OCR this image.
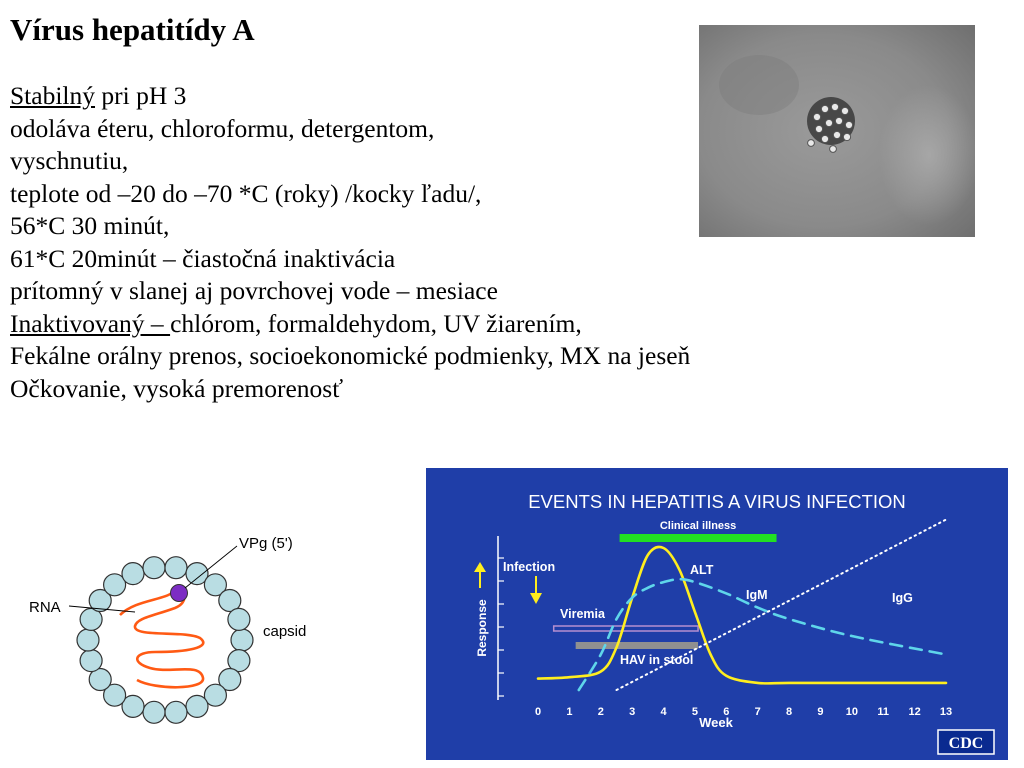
Vírus hepatitídy A
Stabilný pri pH 3
odoláva éteru, chloroformu, detergentom,
vyschnutiu,
teplote od –20 do –70 *C (roky) /kocky ľadu/,
56*C 30 minút,
61*C 20minút – čiastočná inaktivácia
prítomný v slanej aj povrchovej vode – mesiace
Inaktivovaný – chlórom, formaldehydom, UV žiarením,
Fekálne orálny prenos, socioekonomické podmienky, MX na jeseň
Očkovanie, vysoká premorenosť
VPg (5')
RNA
capsid
EVENTS IN HEPATITIS A VIRUS INFECTION
0 1 2 3 4 5 6 7 8 9 10 11 12 13
Week
Response
Infection
Clinical illness
Viremia
HAV in stool
ALT
IgM	IgG
CDC
